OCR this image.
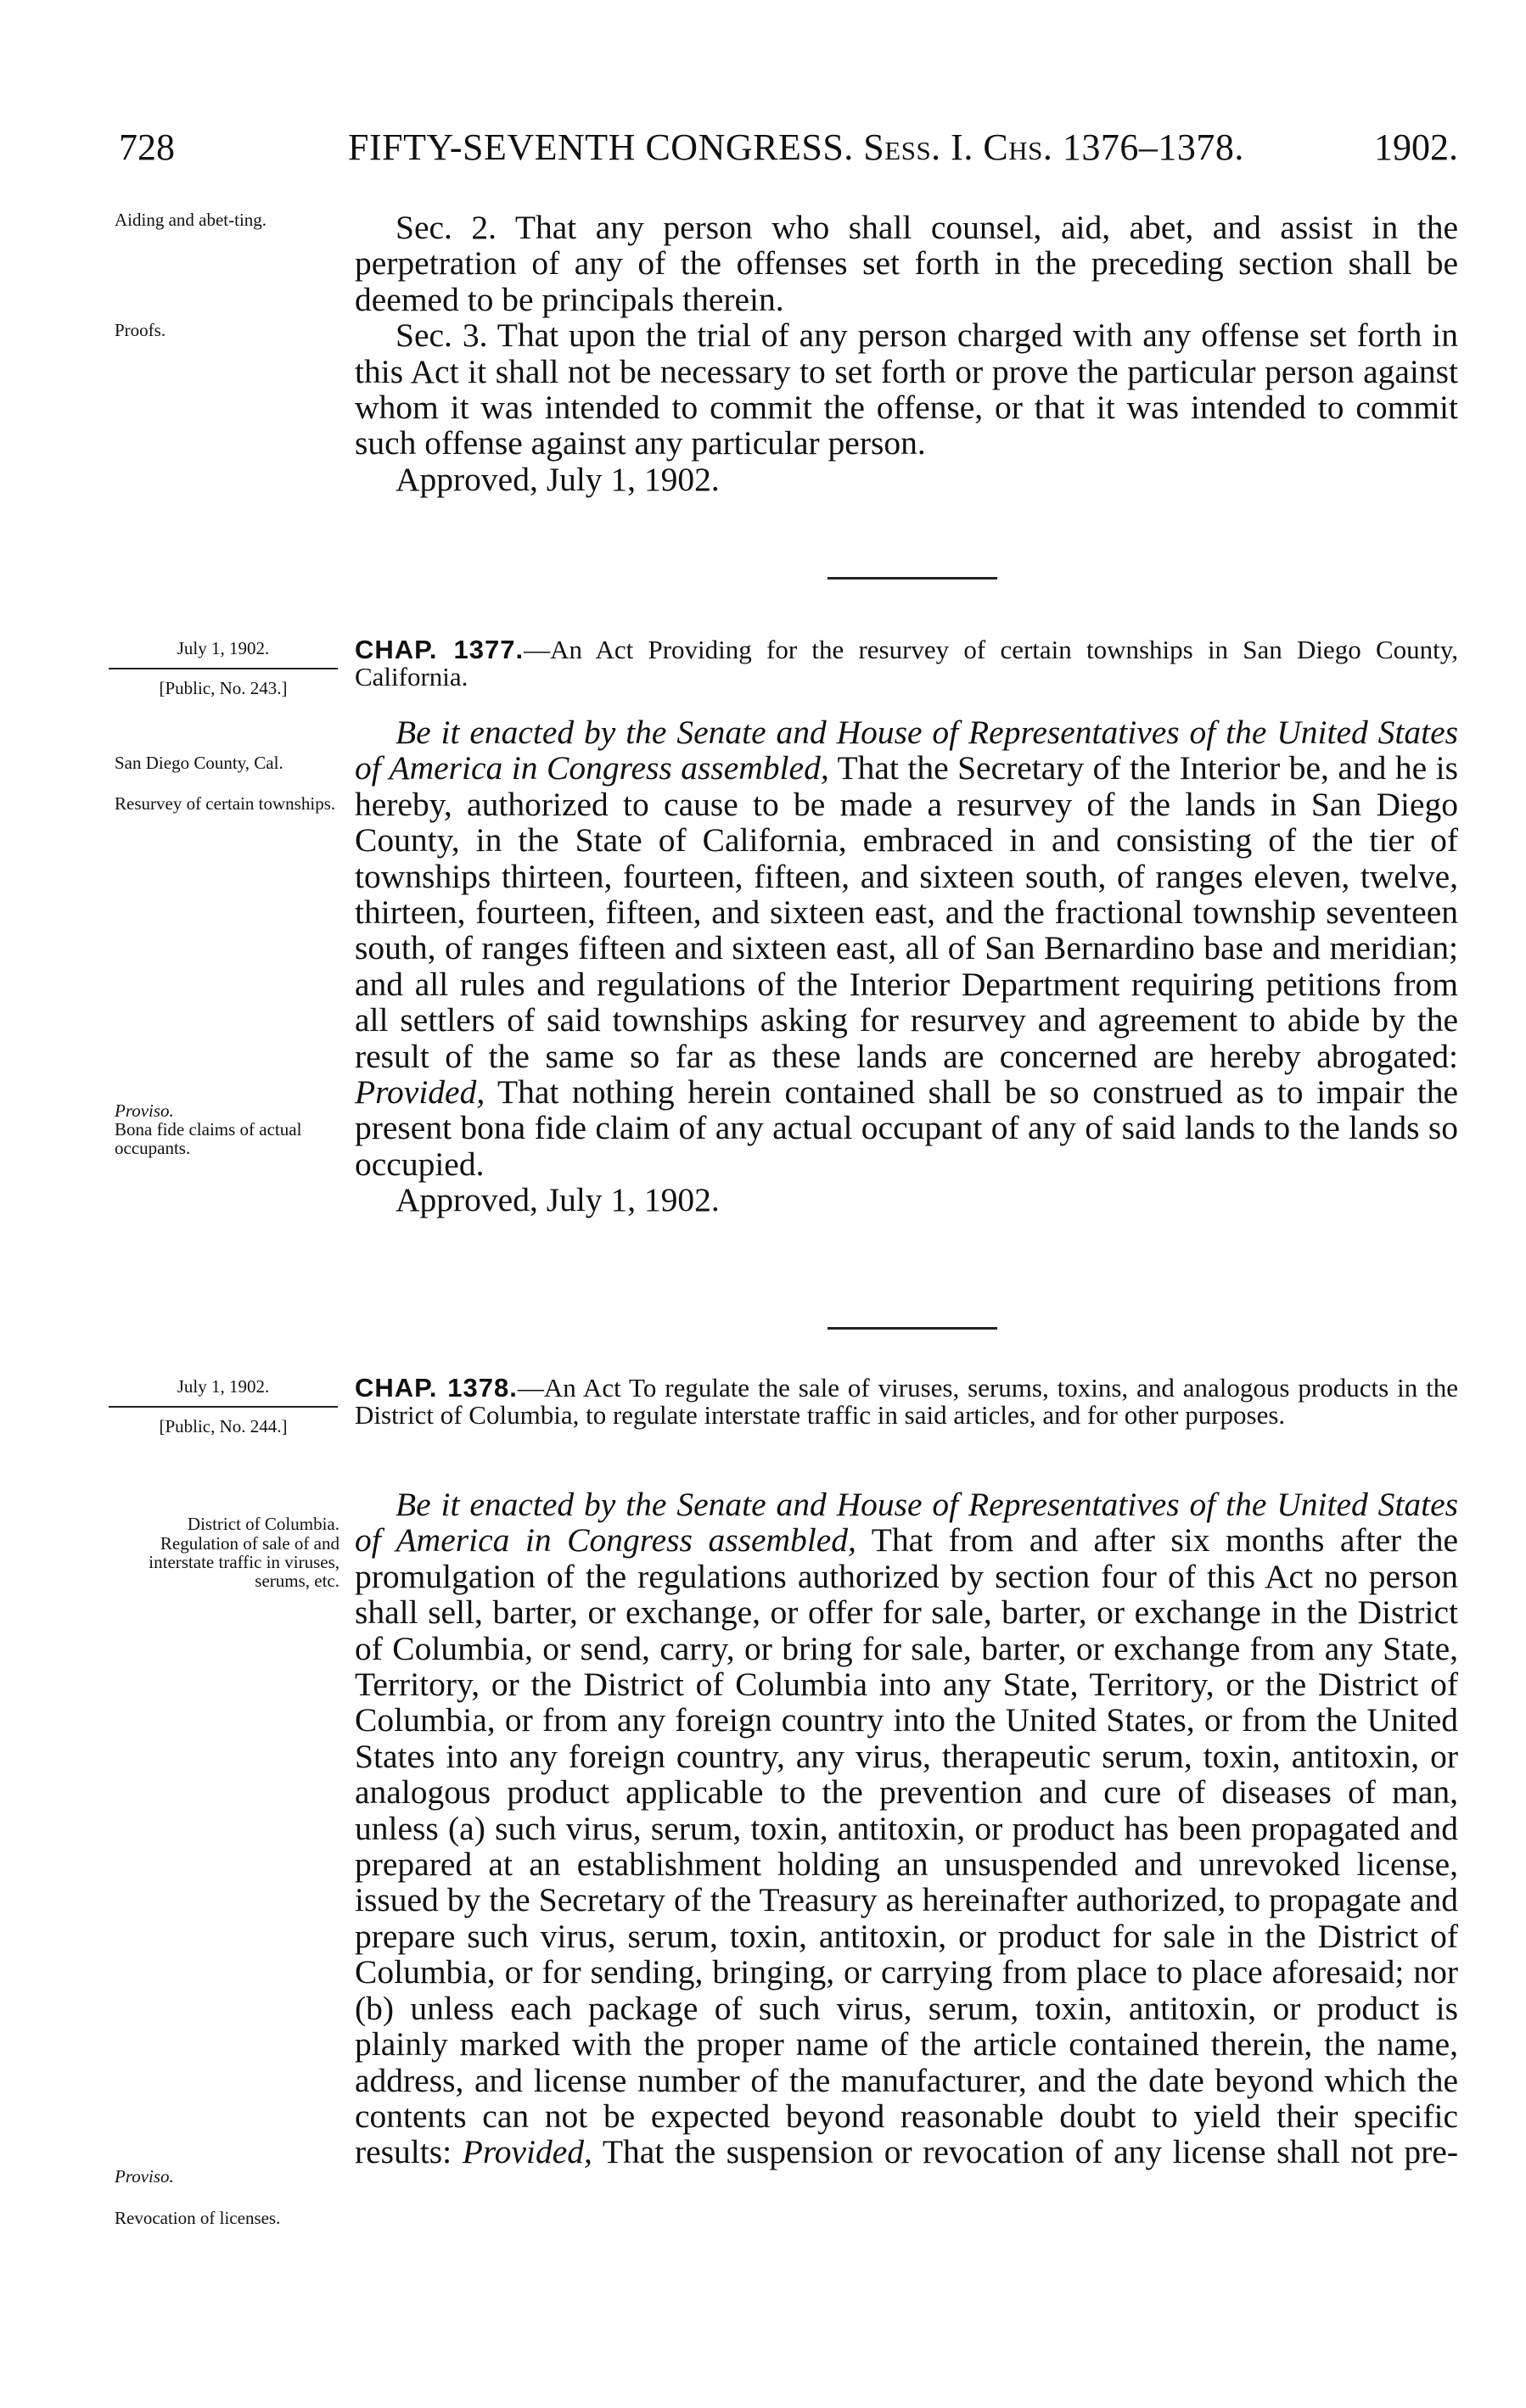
728	FIFTY-SEVENTH CONGRESS. Sess. I. Chs. 1376–1378.	1902.
Aiding and abet-ting.
Proofs.

Sec. 2. That any person who shall counsel, aid, abet, and assist in the perpetration of any of the offenses set forth in the preceding section shall be deemed to be principals therein.

Sec. 3. That upon the trial of any person charged with any offense set forth in this Act it shall not be necessary to set forth or prove the particular person against whom it was intended to commit the offense, or that it was intended to commit such offense against any particular person.

Approved, July 1, 1902.
July 1, 1902.
[Public, No. 243.]
CHAP. 1377.—An Act Providing for the resurvey of certain townships in San Diego County, California.
San Diego County, Cal.
Resurvey of certain townships.
Proviso.
Bona fide claims of actual occupants.

Be it enacted by the Senate and House of Representatives of the United States of America in Congress assembled, That the Secretary of the Interior be, and he is hereby, authorized to cause to be made a resurvey of the lands in San Diego County, in the State of California, embraced in and consisting of the tier of townships thirteen, fourteen, fifteen, and sixteen south, of ranges eleven, twelve, thirteen, fourteen, fifteen, and sixteen east, and the fractional township seventeen south, of ranges fifteen and sixteen east, all of San Bernardino base and meridian; and all rules and regulations of the Interior Department requiring petitions from all settlers of said townships asking for resurvey and agreement to abide by the result of the same so far as these lands are concerned are hereby abrogated: Provided, That nothing herein contained shall be so construed as to impair the present bona fide claim of any actual occupant of any of said lands to the lands so occupied.

Approved, July 1, 1902.
July 1, 1902.
[Public, No. 244.]
CHAP. 1378.—An Act To regulate the sale of viruses, serums, toxins, and analogous products in the District of Columbia, to regulate interstate traffic in said articles, and for other purposes.
District of Columbia.
Regulation of sale of and interstate traffic in viruses, serums, etc.
Proviso.
Revocation of licenses.

Be it enacted by the Senate and House of Representatives of the United States of America in Congress assembled, That from and after six months after the promulgation of the regulations authorized by section four of this Act no person shall sell, barter, or exchange, or offer for sale, barter, or exchange in the District of Columbia, or send, carry, or bring for sale, barter, or exchange from any State, Territory, or the District of Columbia into any State, Territory, or the District of Columbia, or from any foreign country into the United States, or from the United States into any foreign country, any virus, therapeutic serum, toxin, antitoxin, or analogous product applicable to the prevention and cure of diseases of man, unless (a) such virus, serum, toxin, antitoxin, or product has been propagated and prepared at an establishment holding an unsuspended and unrevoked license, issued by the Secretary of the Treasury as hereinafter authorized, to propagate and prepare such virus, serum, toxin, antitoxin, or product for sale in the District of Columbia, or for sending, bringing, or carrying from place to place aforesaid; nor (b) unless each package of such virus, serum, toxin, antitoxin, or product is plainly marked with the proper name of the article contained therein, the name, address, and license number of the manufacturer, and the date beyond which the contents can not be expected beyond reasonable doubt to yield their specific results: Provided, That the suspension or revocation of any license shall not pre-
